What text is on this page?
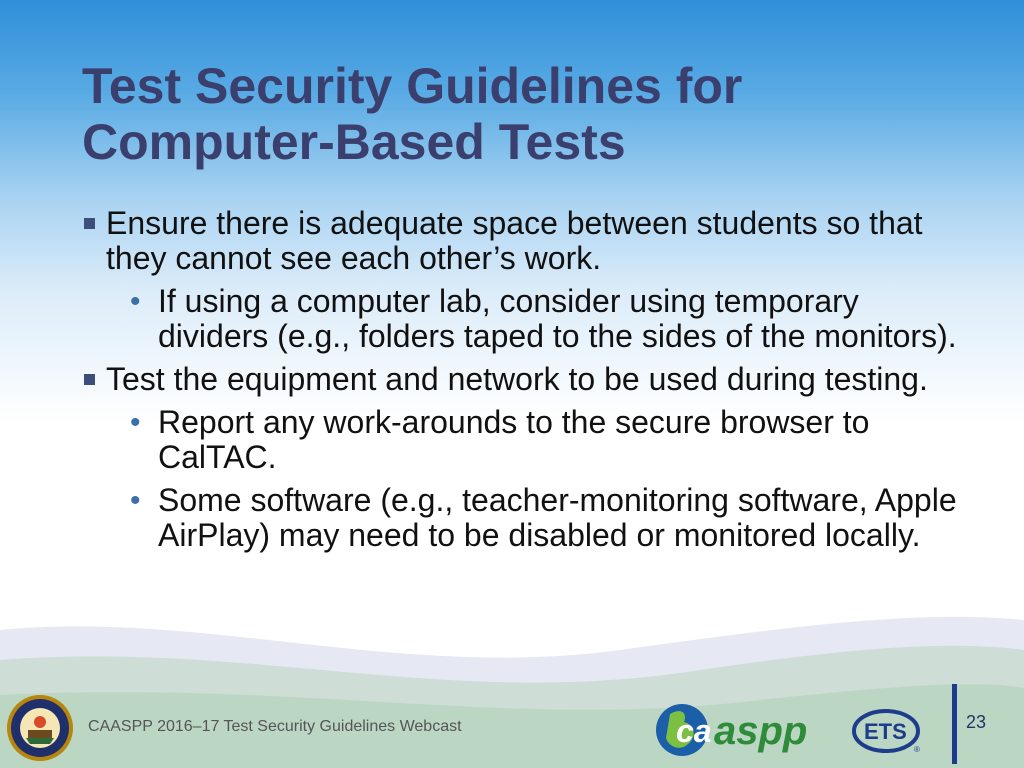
Test Security Guidelines for Computer-Based Tests

Ensure there is adequate space between students so that they cannot see each other’s work.

• If using a computer lab, consider using temporary dividers (e.g., folders taped to the sides of the monitors).

Test the equipment and network to be used during testing.

• Report any work-arounds to the secure browser to CalTAC.

• Some software (e.g., teacher-monitoring software, Apple AirPlay) may need to be disabled or monitored locally.

CAASPP 2016–17 Test Security Guidelines Webcast	ca aspp	ETS
®
23
